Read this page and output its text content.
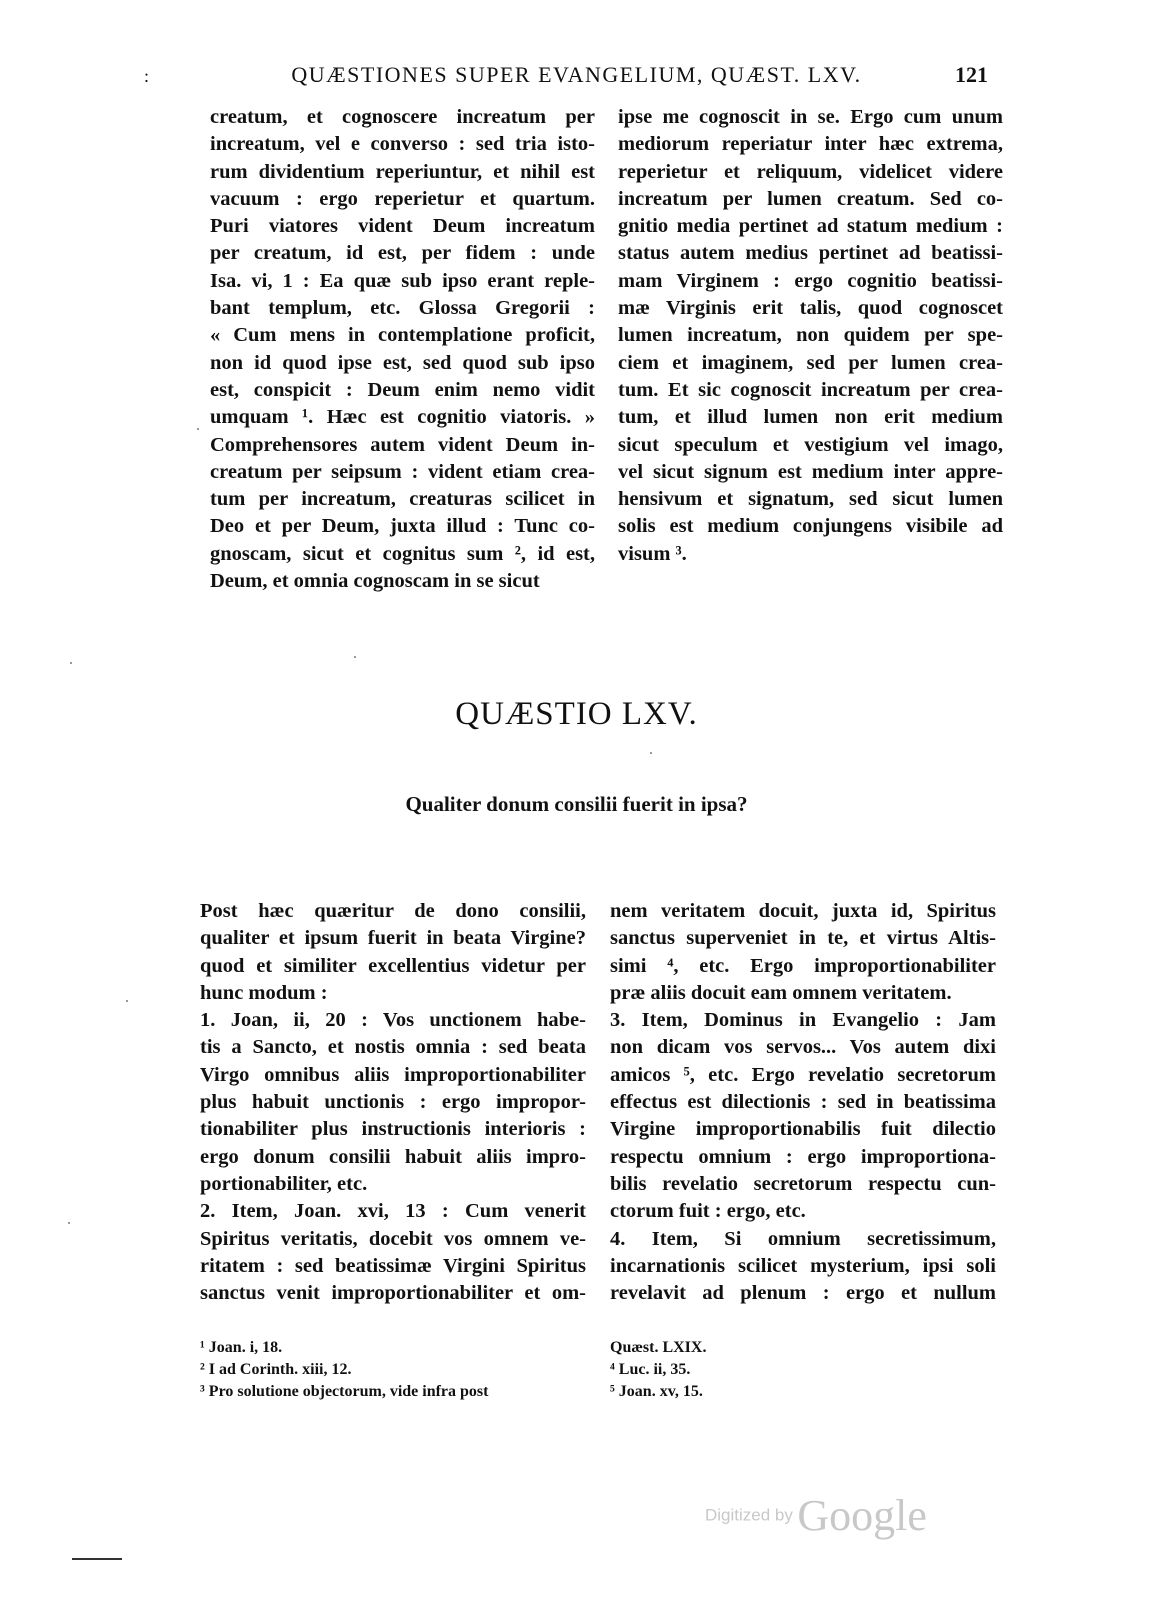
:	QUÆSTIONES SUPER EVANGELIUM, QUÆST. LXV.	121
creatum, et cognoscere increatum per
increatum, vel e converso : sed tria isto-
rum dividentium reperiuntur, et nihil est
vacuum : ergo reperietur et quartum.
Puri viatores vident Deum increatum
per creatum, id est, per fidem : unde
Isa. vi, 1 : Ea quæ sub ipso erant reple-
bant templum, etc. Glossa Gregorii :
« Cum mens in contemplatione proficit,
non id quod ipse est, sed quod sub ipso
est, conspicit : Deum enim nemo vidit
umquam ¹. Hæc est cognitio viatoris. »
Comprehensores autem vident Deum in-
creatum per seipsum : vident etiam crea-
tum per increatum, creaturas scilicet in
Deo et per Deum, juxta illud : Tunc co-
gnoscam, sicut et cognitus sum ², id est,
Deum, et omnia cognoscam in se sicut
ipse me cognoscit in se. Ergo cum unum
mediorum reperiatur inter hæc extrema,
reperietur et reliquum, videlicet videre
increatum per lumen creatum. Sed co-
gnitio media pertinet ad statum medium :
status autem medius pertinet ad beatissi-
mam Virginem : ergo cognitio beatissi-
mæ Virginis erit talis, quod cognoscet
lumen increatum, non quidem per spe-
ciem et imaginem, sed per lumen crea-
tum. Et sic cognoscit increatum per crea-
tum, et illud lumen non erit medium
sicut speculum et vestigium vel imago,
vel sicut signum est medium inter appre-
hensivum et signatum, sed sicut lumen
solis est medium conjungens visibile ad
visum ³.
QUÆSTIO LXV.
Qualiter donum consilii fuerit in ipsa?
Post hæc quæritur de dono consilii,
qualiter et ipsum fuerit in beata Virgine?
quod et similiter excellentius videtur per
hunc modum :
1. Joan, ii, 20 : Vos unctionem habe-
tis a Sancto, et nostis omnia : sed beata
Virgo omnibus aliis improportionabiliter
plus habuit unctionis : ergo impropor-
tionabiliter plus instructionis interioris :
ergo donum consilii habuit aliis impro-
portionabiliter, etc.
2. Item, Joan. xvi, 13 : Cum venerit
Spiritus veritatis, docebit vos omnem ve-
ritatem : sed beatissimæ Virgini Spiritus
sanctus venit improportionabiliter et om-
nem veritatem docuit, juxta id, Spiritus
sanctus superveniet in te, et virtus Altis-
simi ⁴, etc. Ergo improportionabiliter
præ aliis docuit eam omnem veritatem.
3. Item, Dominus in Evangelio : Jam
non dicam vos servos... Vos autem dixi
amicos ⁵, etc. Ergo revelatio secretorum
effectus est dilectionis : sed in beatissima
Virgine improportionabilis fuit dilectio
respectu omnium : ergo improportiona-
bilis revelatio secretorum respectu cun-
ctorum fuit : ergo, etc.
4. Item, Si omnium secretissimum,
incarnationis scilicet mysterium, ipsi soli
revelavit ad plenum : ergo et nullum
¹ Joan. i, 18.
² I ad Corinth. xiii, 12.
³ Pro solutione objectorum, vide infra post
Quæst. LXIX.
⁴ Luc. ii, 35.
⁵ Joan. xv, 15.
Digitized by Google
